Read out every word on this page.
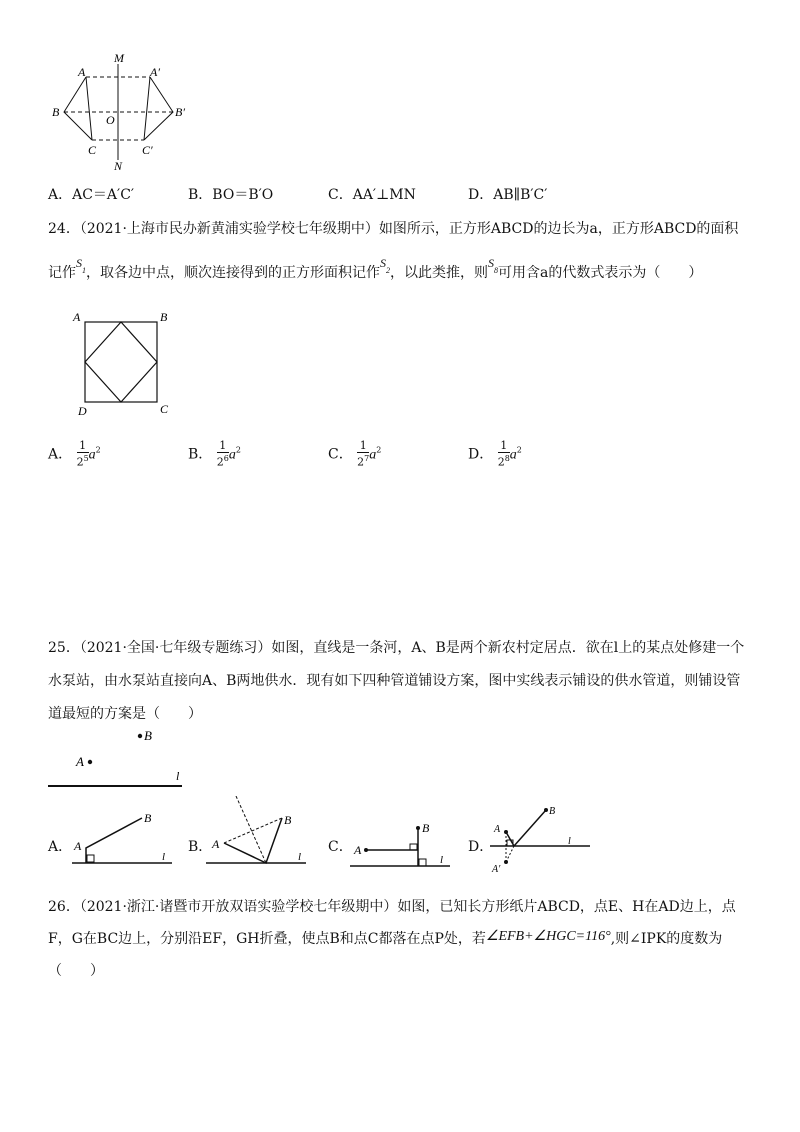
M
N
A	A′
B	B′
C	C′
O
A．AC＝A′C′	B．BO＝B′O	C．AA′⊥MN	D．AB∥B′C′
24．（2021·上海市民办新黄浦实验学校七年级期中）如图所示，正方形ABCD的边长为a，正方形ABCD的面积
记作$S_1$，取各边中点，顺次连接得到的正方形面积记作$S_2$，以此类推，则$S_8$可用含a的代数式表示为（　　）
A	B
D	C
A． $\frac{1}{2^5} a^2$	B． $\frac{1}{2^6} a^2$	C． $\frac{1}{2^7} a^2$	D． $\frac{1}{2^8} a^2$
25．（2021·全国·七年级专题练习）如图，直线是一条河，A、B是两个新农村定居点．欲在l上的某点处修建一个
水泵站，由水泵站直接向A、B两地供水．现有如下四种管道铺设方案，图中实线表示铺设的供水管道，则铺设管
道最短的方案是（　　）
B
A
l
A． A
B
l
B． A
B
l
C． A
B
l
D．
A
B
A′
l
26．（2021·浙江·诸暨市开放双语实验学校七年级期中）如图，已知长方形纸片ABCD，点E、H在AD边上，点
F，G在BC边上，分别沿EF，GH折叠，使点B和点C都落在点P处，若∠EFB+∠HGC=116°,则∠IPK的度数为
（　　）
